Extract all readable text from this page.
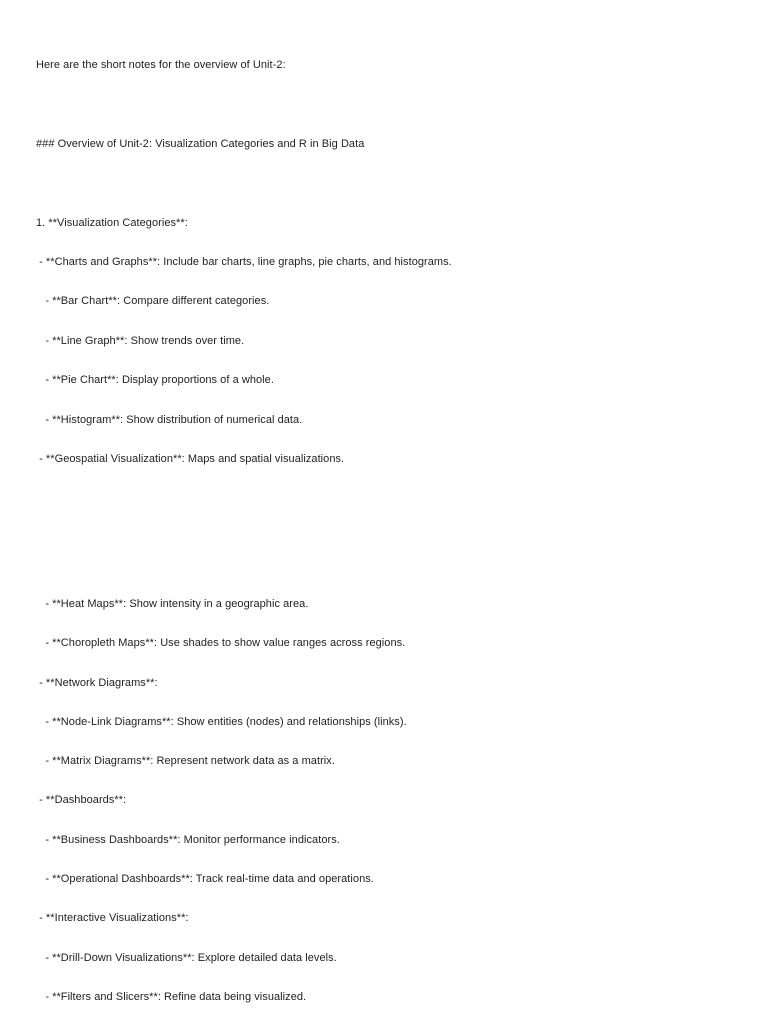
Here are the short notes for the overview of Unit-2:
### Overview of Unit-2: Visualization Categories and R in Big Data
1. **Visualization Categories**:
- **Charts and Graphs**: Include bar charts, line graphs, pie charts, and histograms.
- **Bar Chart**: Compare different categories.
- **Line Graph**: Show trends over time.
- **Pie Chart**: Display proportions of a whole.
- **Histogram**: Show distribution of numerical data.
- **Geospatial Visualization**: Maps and spatial visualizations.
- **Heat Maps**: Show intensity in a geographic area.
- **Choropleth Maps**: Use shades to show value ranges across regions.
- **Network Diagrams**:
- **Node-Link Diagrams**: Show entities (nodes) and relationships (links).
- **Matrix Diagrams**: Represent network data as a matrix.
- **Dashboards**:
- **Business Dashboards**: Monitor performance indicators.
- **Operational Dashboards**: Track real-time data and operations.
- **Interactive Visualizations**:
- **Drill-Down Visualizations**: Explore detailed data levels.
- **Filters and Slicers**: Refine data being visualized.
